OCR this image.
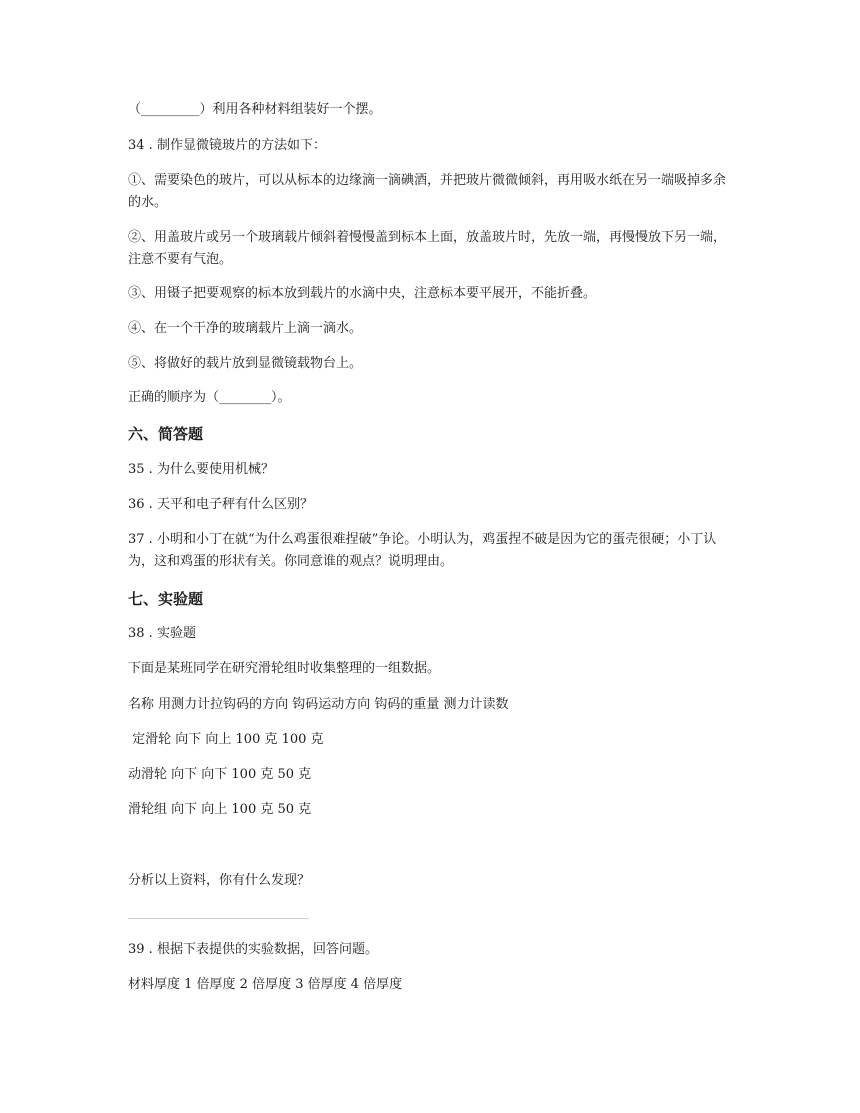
（_________）利用各种材料组装好一个摆。
34 . 制作显微镜玻片的方法如下：
①、需要染色的玻片，可以从标本的边缘滴一滴碘酒，并把玻片微微倾斜，再用吸水纸在另一端吸掉多余的水。
②、用盖玻片或另一个玻璃载片倾斜着慢慢盖到标本上面，放盖玻片时，先放一端，再慢慢放下另一端，注意不要有气泡。
③、用镊子把要观察的标本放到载片的水滴中央，注意标本要平展开，不能折叠。
④、在一个干净的玻璃载片上滴一滴水。
⑤、将做好的载片放到显微镜载物台上。
正确的顺序为（________）。
六、简答题
35 . 为什么要使用机械？
36 . 天平和电子秤有什么区别？
37 . 小明和小丁在就“为什么鸡蛋很难捏破”争论。小明认为，鸡蛋捏不破是因为它的蛋壳很硬；小丁认为，这和鸡蛋的形状有关。你同意谁的观点？说明理由。
七、实验题
38 . 实验题
下面是某班同学在研究滑轮组时收集整理的一组数据。
名称 用测力计拉钩码的方向 钩码运动方向 钩码的重量 测力计读数
定滑轮 向下 向上 100 克 100 克
动滑轮 向下 向下 100 克 50 克
滑轮组 向下 向上 100 克 50 克
分析以上资料，你有什么发现？
39 . 根据下表提供的实验数据，回答问题。
材料厚度 1 倍厚度 2 倍厚度 3 倍厚度 4 倍厚度
